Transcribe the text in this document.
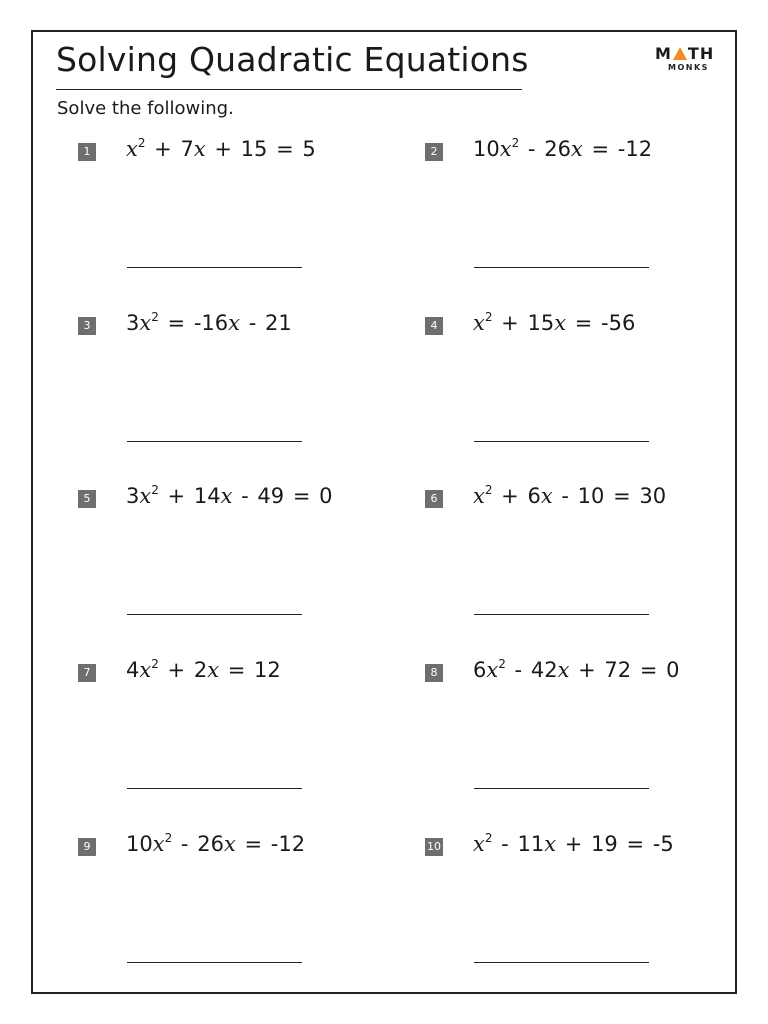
Solving Quadratic Equations	M TH
MONKS
Solve the following.
1 $x^2 + 7x + 15 = 5$	2 $10x^2 - 26x = -12$
3 $3x^2 = -16x - 21$	4 $x^2 + 15x = -56$
5 $3x^2 + 14x - 49 = 0$	6 $x^2 + 6x - 10 = 30$
7 $4x^2 + 2x = 12$	8 $6x^2 - 42x + 72 = 0$
9 $10x^2 - 26x = -12$	10 $x^2 - 11x + 19 = -5$
